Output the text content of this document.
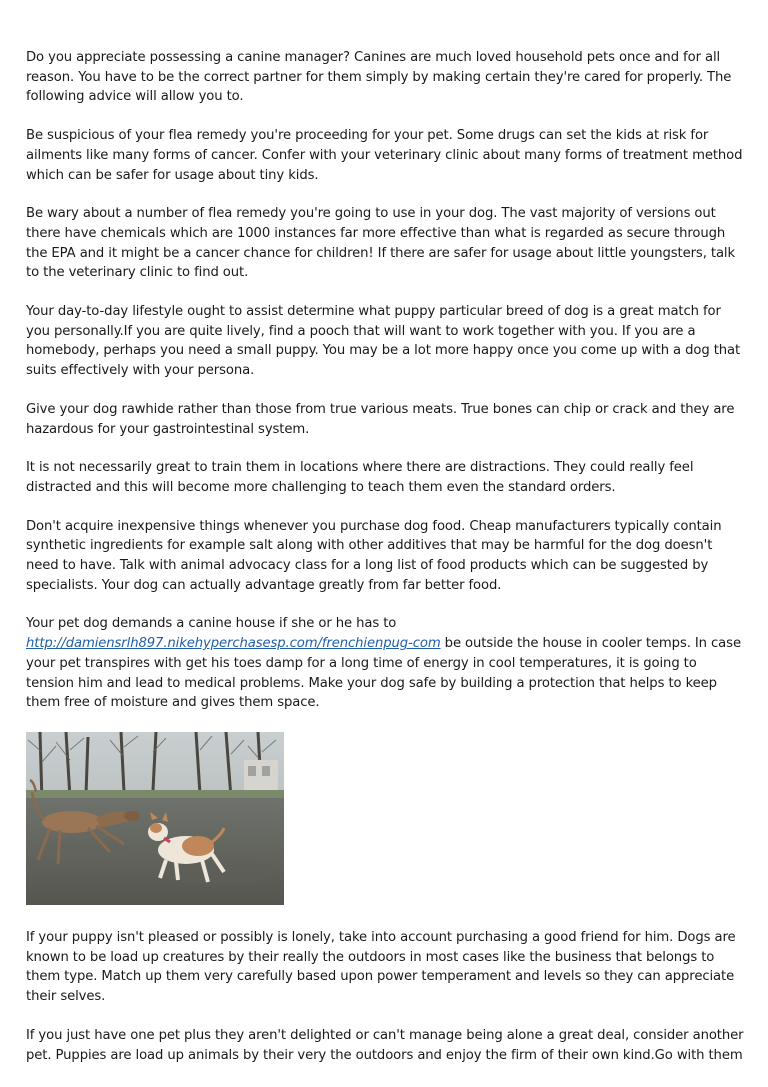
Do you appreciate possessing a canine manager? Canines are much loved household pets once and for all reason. You have to be the correct partner for them simply by making certain they're cared for properly. The following advice will allow you to.

Be suspicious of your flea remedy you're proceeding for your pet. Some drugs can set the kids at risk for ailments like many forms of cancer. Confer with your veterinary clinic about many forms of treatment method which can be safer for usage about tiny kids.

Be wary about a number of flea remedy you're going to use in your dog. The vast majority of versions out there have chemicals which are 1000 instances far more effective than what is regarded as secure through the EPA and it might be a cancer chance for children! If there are safer for usage about little youngsters, talk to the veterinary clinic to find out.

Your day-to-day lifestyle ought to assist determine what puppy particular breed of dog is a great match for you personally.If you are quite lively, find a pooch that will want to work together with you. If you are a homebody, perhaps you need a small puppy. You may be a lot more happy once you come up with a dog that suits effectively with your persona.

Give your dog rawhide rather than those from true various meats. True bones can chip or crack and they are hazardous for your gastrointestinal system.

It is not necessarily great to train them in locations where there are distractions. They could really feel distracted and this will become more challenging to teach them even the standard orders.

Don't acquire inexpensive things whenever you purchase dog food. Cheap manufacturers typically contain synthetic ingredients for example salt along with other additives that may be harmful for the dog doesn't need to have. Talk with animal advocacy class for a long list of food products which can be suggested by specialists. Your dog can actually advantage greatly from far better food.

Your pet dog demands a canine house if she or he has to http://damiensrlh897.nikehyperchasesp.com/frenchienpug-com be outside the house in cooler temps. In case your pet transpires with get his toes damp for a long time of energy in cool temperatures, it is going to tension him and lead to medical problems. Make your dog safe by building a protection that helps to keep them free of moisture and gives them space.

If your puppy isn't pleased or possibly is lonely, take into account purchasing a good friend for him. Dogs are known to be load up creatures by their really the outdoors in most cases like the business that belongs to them type. Match up them very carefully based upon power temperament and levels so they can appreciate their selves.

If you just have one pet plus they aren't delighted or can't manage being alone a great deal, consider another pet. Puppies are load up animals by their very the outdoors and enjoy the firm of their own kind.Go with them
